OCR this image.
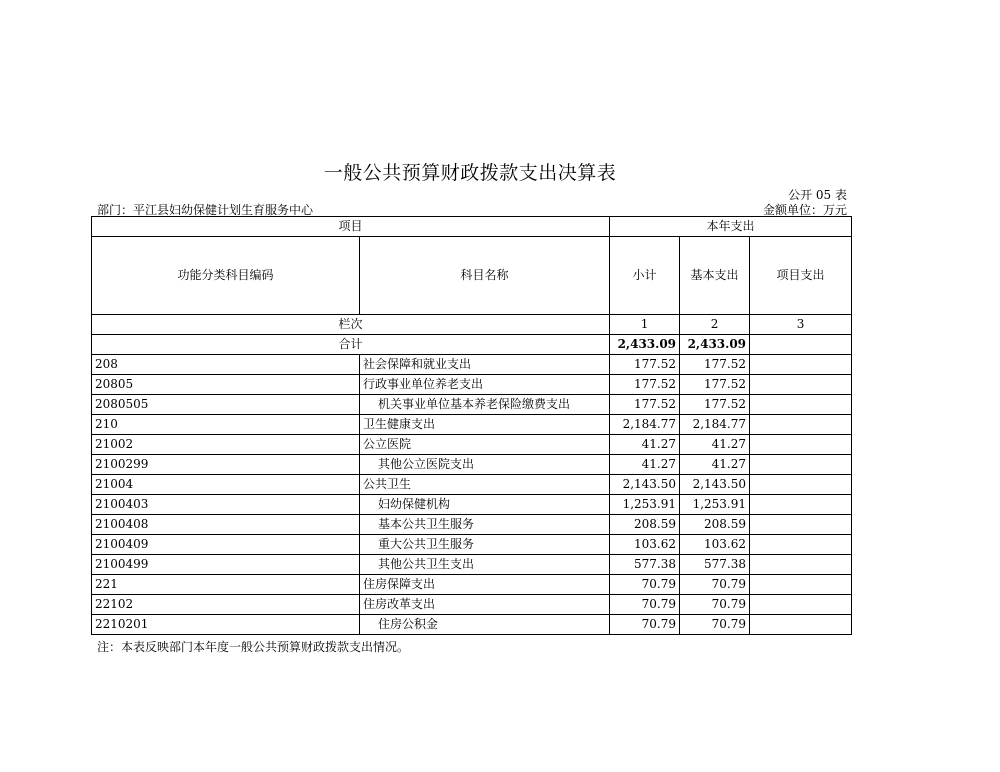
一般公共预算财政拨款支出决算表
公开 05 表
部门：平江县妇幼保健计划生育服务中心	金额单位：万元
项目		本年支出		
功能分类科目编码	科目名称	小计	基本支出	项目支出
栏次		1	2	3
合计		2,433.09	2,433.09	
208	社会保障和就业支出	177.52	177.52	
20805	行政事业单位养老支出	177.52	177.52	
2080505	机关事业单位基本养老保险缴费支出	177.52	177.52	
210	卫生健康支出	2,184.77	2,184.77	
21002	公立医院	41.27	41.27	
2100299	其他公立医院支出	41.27	41.27	
21004	公共卫生	2,143.50	2,143.50	
2100403	妇幼保健机构	1,253.91	1,253.91	
2100408	基本公共卫生服务	208.59	208.59	
2100409	重大公共卫生服务	103.62	103.62	
2100499	其他公共卫生支出	577.38	577.38	
221	住房保障支出	70.79	70.79	
22102	住房改革支出	70.79	70.79	
2210201	住房公积金	70.79	70.79	
注：本表反映部门本年度一般公共预算财政拨款支出情况。
